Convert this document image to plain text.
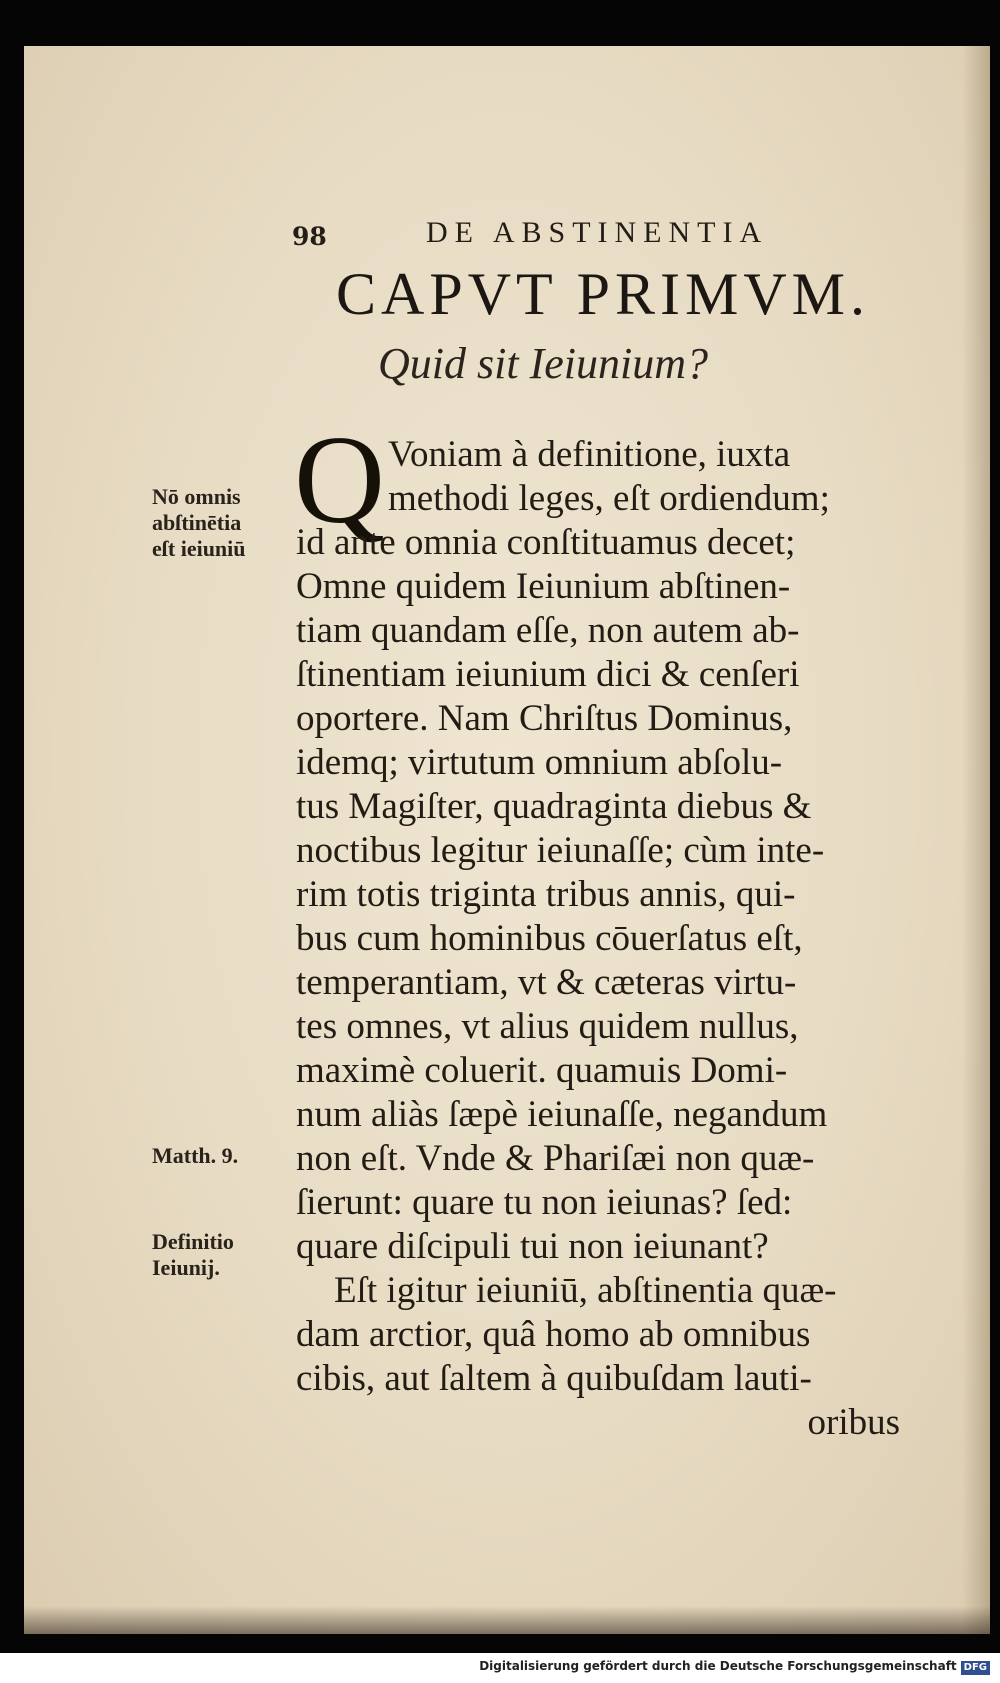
98	DE ABSTINENTIA
CAPVT PRIMVM.
Quid sit Ieiunium?
Q Voniam à definitione, iuxta
methodi leges, eſt ordiendum;
id ante omnia conſtituamus decet;
Omne quidem Ieiunium abſtinen-
tiam quandam eſſe, non autem ab-
ſtinentiam ieiunium dici & cenſeri
oportere. Nam Chriſtus Dominus,
idemq; virtutum omnium abſolu-
tus Magiſter, quadraginta diebus &
noctibus legitur ieiunaſſe; cùm inte-
rim totis triginta tribus annis, qui-
bus cum hominibus cōuerſatus eſt,
temperantiam, vt & cæteras virtu-
tes omnes, vt alius quidem nullus,
maximè coluerit. quamuis Domi-
num aliàs ſæpè ieiunaſſe, negandum
non eſt. Vnde & Phariſæi non quæ-
ſierunt: quare tu non ieiunas? ſed:
quare diſcipuli tui non ieiunant?
Eſt igitur ieiuniū, abſtinentia quæ-
dam arctior, quâ homo ab omnibus
cibis, aut ſaltem à quibuſdam lauti-
oribus
Nō omnis
abſtinētia
eſt ieiuniū
Matth. 9.
Definitio
Ieiunij.
Digitalisierung gefördert durch die Deutsche Forschungsgemeinschaft DFG
